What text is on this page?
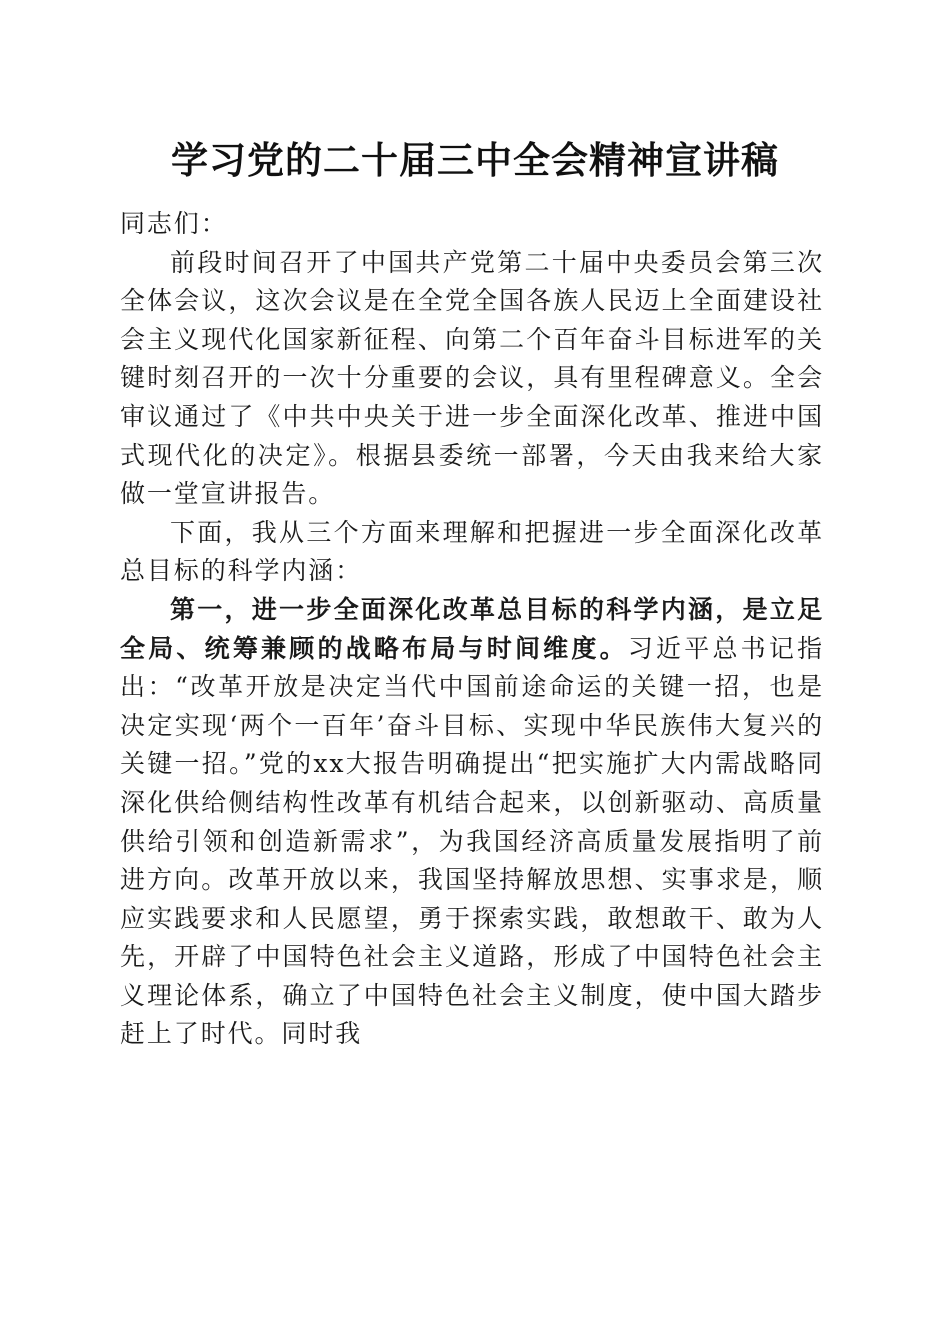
学习党的二十届三中全会精神宣讲稿

同志们：

前段时间召开了中国共产党第二十届中央委员会第三次全体会议，这次会议是在全党全国各族人民迈上全面建设社会主义现代化国家新征程、向第二个百年奋斗目标进军的关键时刻召开的一次十分重要的会议，具有里程碑意义。全会审议通过了《中共中央关于进一步全面深化改革、推进中国式现代化的决定》。根据县委统一部署，今天由我来给大家做一堂宣讲报告。

下面，我从三个方面来理解和把握进一步全面深化改革总目标的科学内涵：

第一，进一步全面深化改革总目标的科学内涵，是立足全局、统筹兼顾的战略布局与时间维度。习近平总书记指出：“改革开放是决定当代中国前途命运的关键一招，也是决定实现‘两个一百年’奋斗目标、实现中华民族伟大复兴的关键一招。”党的xx大报告明确提出“把实施扩大内需战略同深化供给侧结构性改革有机结合起来，以创新驱动、高质量供给引领和创造新需求”，为我国经济高质量发展指明了前进方向。改革开放以来，我国坚持解放思想、实事求是，顺应实践要求和人民愿望，勇于探索实践，敢想敢干、敢为人先，开辟了中国特色社会主义道路，形成了中国特色社会主义理论体系，确立了中国特色社会主义制度，使中国大踏步赶上了时代。同时我
